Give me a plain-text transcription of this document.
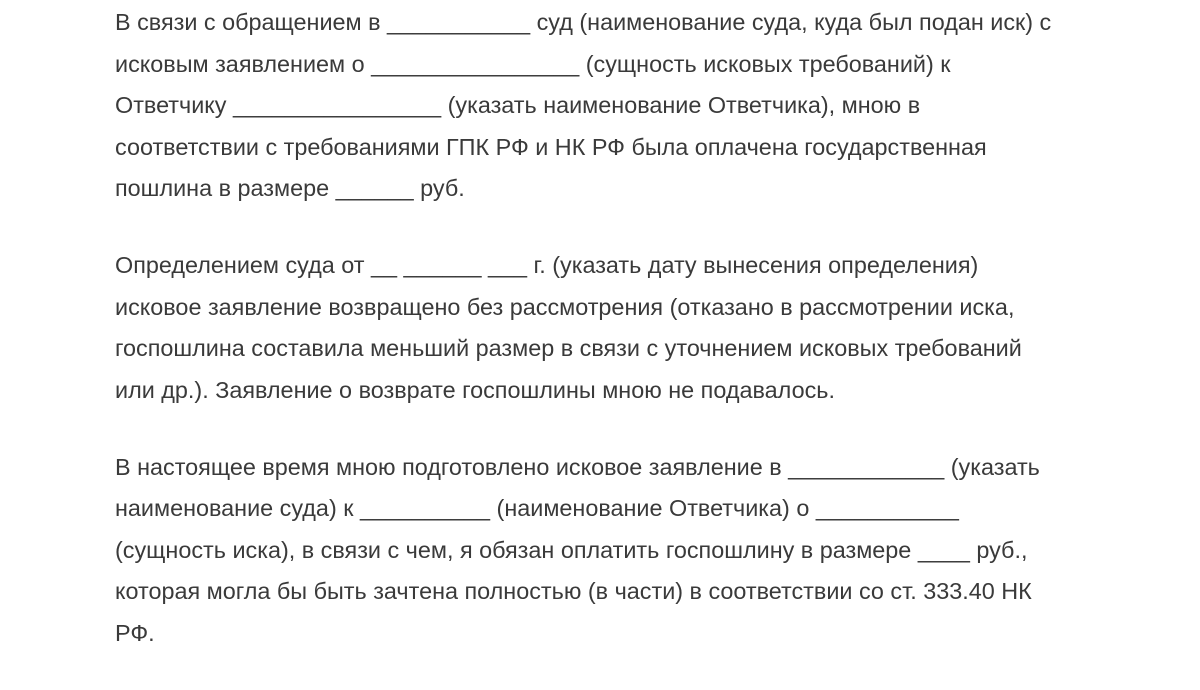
В связи с обращением в ___________ суд (наименование суда, куда был подан иск) с
исковым заявлением о ________________ (сущность исковых требований) к
Ответчику ________________ (указать наименование Ответчика), мною в
соответствии с требованиями ГПК РФ и НК РФ была оплачена государственная
пошлина в размере ______ руб.

Определением суда от __ ______ ___ г. (указать дату вынесения определения)
исковое заявление возвращено без рассмотрения (отказано в рассмотрении иска,
госпошлина составила меньший размер в связи с уточнением исковых требований
или др.). Заявление о возврате госпошлины мною не подавалось.

В настоящее время мною подготовлено исковое заявление в ____________ (указать
наименование суда) к __________ (наименование Ответчика) о ___________
(сущность иска), в связи с чем, я обязан оплатить госпошлину в размере ____ руб.,
которая могла бы быть зачтена полностью (в части) в соответствии со ст. 333.40 НК
РФ.
